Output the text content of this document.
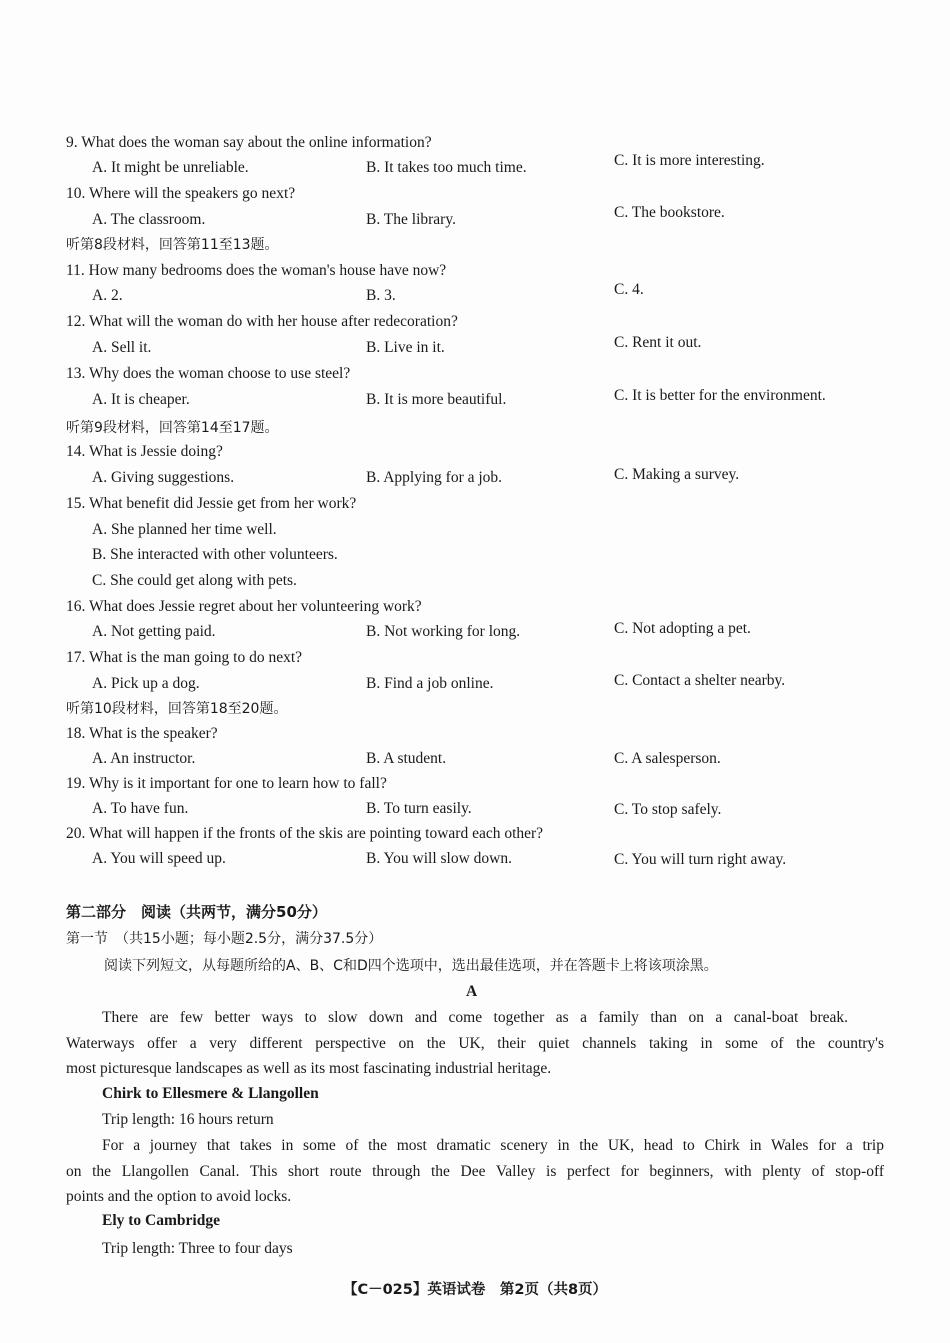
9. What does the woman say about the online information?
A. It might be unreliable.	B. It takes too much time.	C. It is more interesting.
10. Where will the speakers go next?
A. The classroom.	B. The library.	C. The bookstore.
听第8段材料，回答第11至13题。
11. How many bedrooms does the woman's house have now?
A. 2.	B. 3.	C. 4.
12. What will the woman do with her house after redecoration?
A. Sell it.	B. Live in it.	C. Rent it out.
13. Why does the woman choose to use steel?
A. It is cheaper.	B. It is more beautiful.	C. It is better for the environment.
听第9段材料，回答第14至17题。
14. What is Jessie doing?
A. Giving suggestions.	B. Applying for a job.	C. Making a survey.
15. What benefit did Jessie get from her work?
A. She planned her time well.
B. She interacted with other volunteers.
C. She could get along with pets.
16. What does Jessie regret about her volunteering work?
A. Not getting paid.	B. Not working for long.	C. Not adopting a pet.
17. What is the man going to do next?
A. Pick up a dog.	B. Find a job online.	C. Contact a shelter nearby.
听第10段材料，回答第18至20题。
18. What is the speaker?
A. An instructor.	B. A student.	C. A salesperson.
19. Why is it important for one to learn how to fall?
A. To have fun.	B. To turn easily.	C. To stop safely.
20. What will happen if the fronts of the skis are pointing toward each other?
A. You will speed up.	B. You will slow down.	C. You will turn right away.
第二部分　阅读（共两节，满分50分）
第一节　（共15小题；每小题2.5分，满分37.5分）
阅读下列短文，从每题所给的A、B、C和D四个选项中，选出最佳选项，并在答题卡上将该项涂黑。
A
There are few better ways to slow down and come together as a family than on a canal-boat break.
Waterways offer a very different perspective on the UK, their quiet channels taking in some of the country's
most picturesque landscapes as well as its most fascinating industrial heritage.
Chirk to Ellesmere & Llangollen
Trip length: 16 hours return
For a journey that takes in some of the most dramatic scenery in the UK, head to Chirk in Wales for a trip
on the Llangollen Canal. This short route through the Dee Valley is perfect for beginners, with plenty of stop-off
points and the option to avoid locks.
Ely to Cambridge
Trip length: Three to four days
【C－025】英语试卷　第2页（共8页）
